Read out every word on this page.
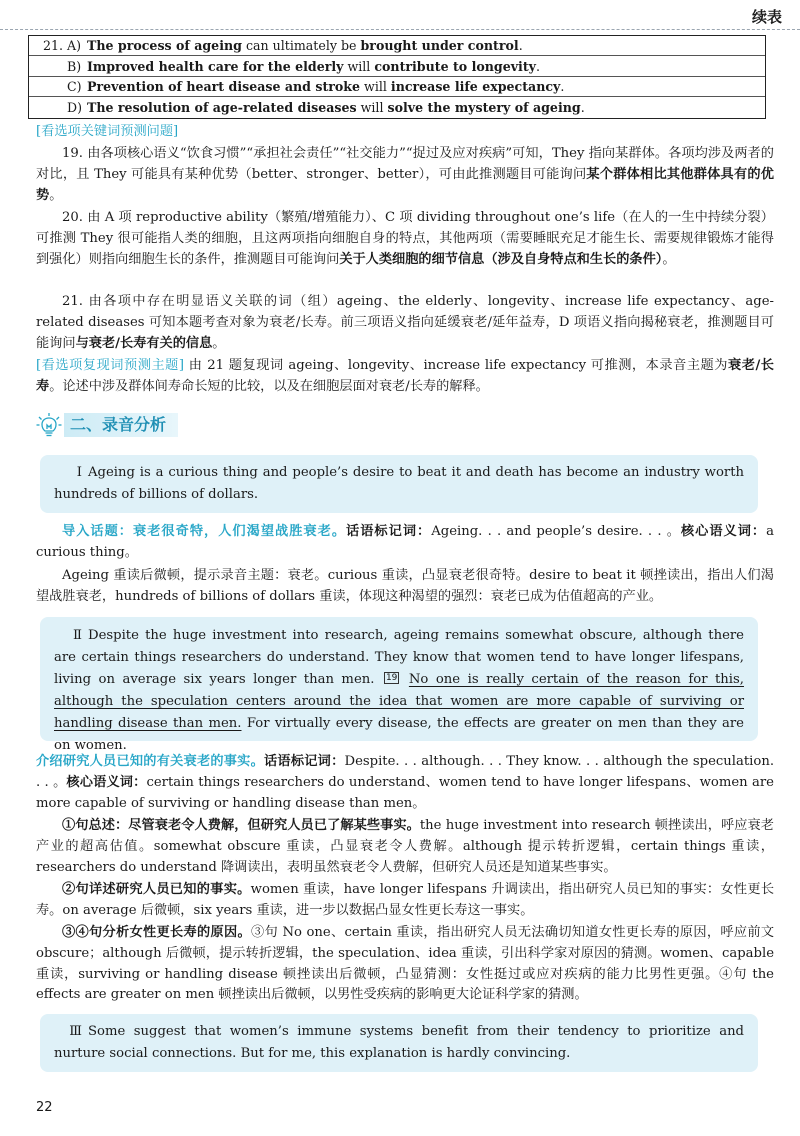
续表
21. A) The process of ageing can ultimately be brought under control.
B) Improved health care for the elderly will contribute to longevity.
C) Prevention of heart disease and stroke will increase life expectancy.
D) The resolution of age-related diseases will solve the mystery of ageing.

[看选项关键词预测问题]

19. 由各项核心语义“饮食习惯”“承担社会责任”“社交能力”“捉过及应对疾病”可知，They 指向某群体。各项均涉及两者的对比，且 They 可能具有某种优势（better、stronger、better），可由此推测题目可能询问某个群体相比其他群体具有的优势。

20. 由 A 项 reproductive ability（繁殖/增殖能力）、C 项 dividing throughout one’s life（在人的一生中持续分裂）可推测 They 很可能指人类的细胞，且这两项指向细胞自身的特点，其他两项（需要睡眠充足才能生长、需要规律锻炼才能得到强化）则指向细胞生长的条件，推测题目可能询问关于人类细胞的细节信息（涉及自身特点和生长的条件）。

21. 由各项中存在明显语义关联的词（组）ageing、the elderly、longevity、increase life expectancy、age-related diseases 可知本题考查对象为衰老/长寿。前三项语义指向延缓衰老/延年益寿，D 项语义指向揭秘衰老，推测题目可能询问与衰老/长寿有关的信息。

[看选项复现词预测主题] 由 21 题复现词 ageing、longevity、increase life expectancy 可推测，本录音主题为衰老/长寿。论述中涉及群体间寿命长短的比较，以及在细胞层面对衰老/长寿的解释。

二、录音分析
Ⅰ Ageing is a curious thing and people’s desire to beat it and death has become an industry worth hundreds of billions of dollars.

导入话题：衰老很奇特，人们渴望战胜衰老。话语标记词：Ageing. . . and people’s desire. . . 。核心语义词：a curious thing。

Ageing 重读后微顿，提示录音主题：衰老。curious 重读，凸显衰老很奇特。desire to beat it 顿挫读出，指出人们渴望战胜衰老，hundreds of billions of dollars 重读，体现这种渴望的强烈：衰老已成为估值超高的产业。

Ⅱ Despite the huge investment into research, ageing remains somewhat obscure, although there are certain things researchers do understand. They know that women tend to have longer lifespans, living on average six years longer than men. 19 No one is really certain of the reason for this, although the speculation centers around the idea that women are more capable of surviving or handling disease than men. For virtually every disease, the effects are greater on men than they are on women.

介绍研究人员已知的有关衰老的事实。话语标记词：Despite. . . although. . . They know. . . although the speculation. . . 。核心语义词：certain things researchers do understand、women tend to have longer lifespans、women are more capable of surviving or handling disease than men。

①句总述：尽管衰老令人费解，但研究人员已了解某些事实。the huge investment into research 顿挫读出，呼应衰老产业的超高估值。somewhat obscure 重读，凸显衰老令人费解。although 提示转折逻辑，certain things 重读，researchers do understand 降调读出，表明虽然衰老令人费解，但研究人员还是知道某些事实。

②句详述研究人员已知的事实。women 重读，have longer lifespans 升调读出，指出研究人员已知的事实：女性更长寿。on average 后微顿，six years 重读，进一步以数据凸显女性更长寿这一事实。

③④句分析女性更长寿的原因。③句 No one、certain 重读，指出研究人员无法确切知道女性更长寿的原因，呼应前文 obscure；although 后微顿，提示转折逻辑，the speculation、idea 重读，引出科学家对原因的猜测。women、capable 重读，surviving or handling disease 顿挫读出后微顿，凸显猜测：女性挺过或应对疾病的能力比男性更强。④句 the effects are greater on men 顿挫读出后微顿，以男性受疾病的影响更大论证科学家的猜测。

Ⅲ Some suggest that women’s immune systems benefit from their tendency to prioritize and nurture social connections. But for me, this explanation is hardly convincing.
22
